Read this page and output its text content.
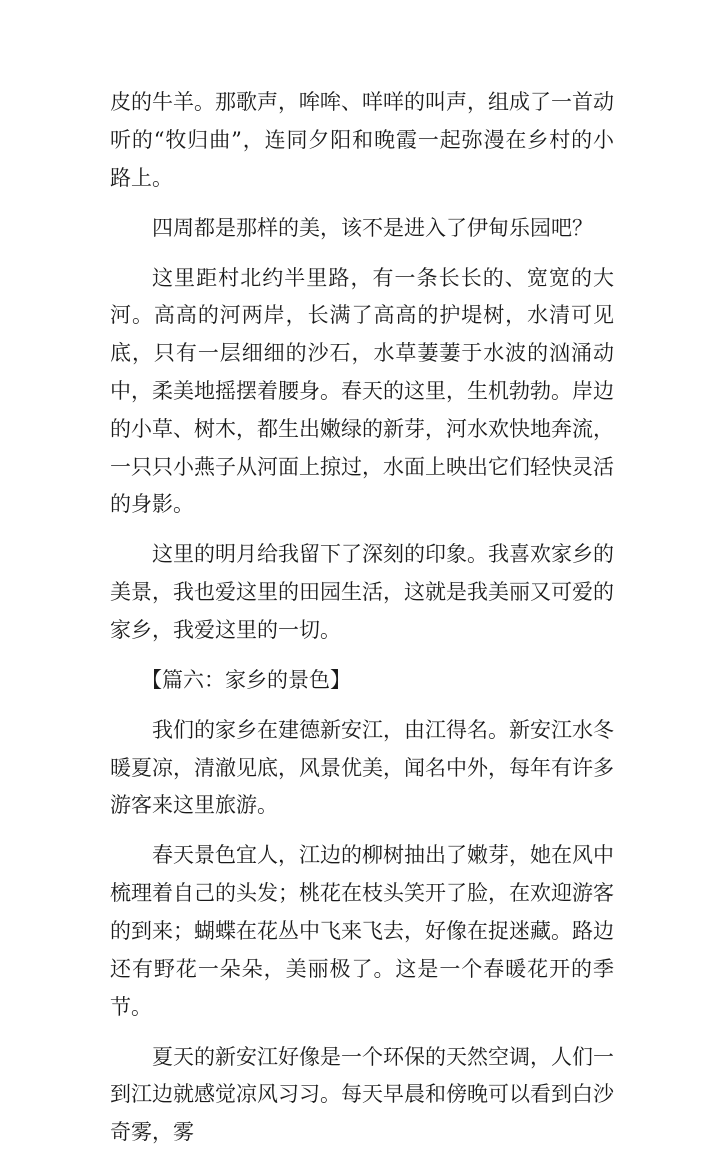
皮的牛羊。那歌声，哞哞、咩咩的叫声，组成了一首动听的“牧归曲”，连同夕阳和晚霞一起弥漫在乡村的小路上。

四周都是那样的美，该不是进入了伊甸乐园吧？

这里距村北约半里路，有一条长长的、宽宽的大河。高高的河两岸，长满了高高的护堤树，水清可见底，只有一层细细的沙石，水草萋萋于水波的汹涌动中，柔美地摇摆着腰身。春天的这里，生机勃勃。岸边的小草、树木，都生出嫩绿的新芽，河水欢快地奔流，一只只小燕子从河面上掠过，水面上映出它们轻快灵活的身影。

这里的明月给我留下了深刻的印象。我喜欢家乡的美景，我也爱这里的田园生活，这就是我美丽又可爱的家乡，我爱这里的一切。

【篇六：家乡的景色】

我们的家乡在建德新安江，由江得名。新安江水冬暖夏凉，清澈见底，风景优美，闻名中外，每年有许多游客来这里旅游。

春天景色宜人，江边的柳树抽出了嫩芽，她在风中梳理着自己的头发；桃花在枝头笑开了脸，在欢迎游客的到来；蝴蝶在花丛中飞来飞去，好像在捉迷藏。路边还有野花一朵朵，美丽极了。这是一个春暖花开的季节。

夏天的新安江好像是一个环保的天然空调，人们一到江边就感觉凉风习习。每天早晨和傍晚可以看到白沙奇雾，雾
